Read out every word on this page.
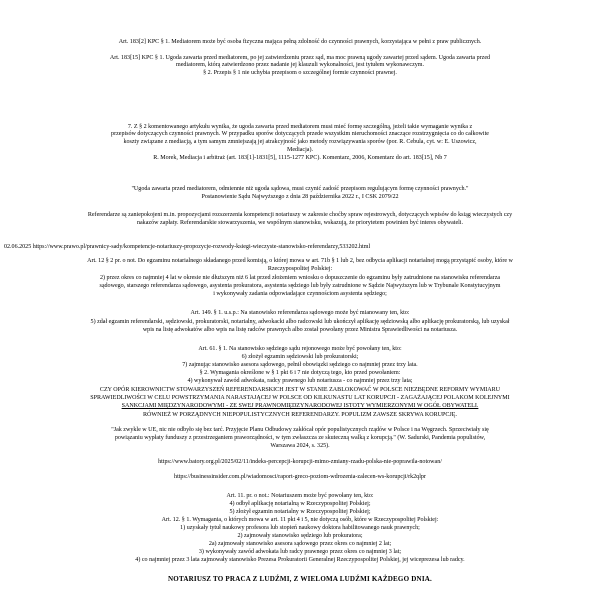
Art. 183[2] KPC § 1. Mediatorem może być osoba fizyczna mająca pełną zdolność do czynności prawnych, korzystająca w pełni z praw publicznych.
Art. 183[15] KPC § 1. Ugoda zawarta przed mediatorem, po jej zatwierdzeniu przez sąd, ma moc prawną ugody zawartej przed sądem. Ugoda zawarta przed
mediatorem, którą zatwierdzono przez nadanie jej klauzuli wykonalności, jest tytułem wykonawczym.
§ 2. Przepis § 1 nie uchybia przepisom o szczególnej formie czynności prawnej.
7. Z § 2 komentowanego artykułu wynika, że ugoda zawarta przed mediatorem musi mieć formę szczególną, jeżeli takie wymaganie wynika z
przepisów dotyczących czynności prawnych. W przypadku sporów dotyczących przede wszystkim nieruchomości znaczące rozstrzygnięcia co do całkowite
koszty związane z mediacją, a tym samym zmniejszają jej atrakcyjność jako metody rozwiązywania sporów (por. R. Cebula, cyt. w: E. Uszowicz,
Mediacja).
R. Morek, Mediacja i arbitraż (art. 183[1]-1831[5], 1115-1277 KPC). Komentarz, 2006, Komentarz do art. 183[15], Nb 7
"Ugoda zawarta przed mediatorem, odmiennie niż ugoda sądowa, musi czynić zadość przepisom regulującym formę czynności prawnych."
Postanowienie Sądu Najwyższego z dnia 28 października 2022 r., I CSK 2079/22
Referendarze są zaniepokojeni m.in. propozycjami rozszerzenia kompetencji notariuszy w zakresie choćby spraw rejestrowych, dotyczących wpisów do ksiąg wieczystych czy
nakazów zapłaty. Referendarskie stowarzyszenia, we wspólnym stanowisku, wskazują, że priorytetem powinien być interes obywateli.
02.06.2025 https://www.prawo.pl/prawnicy-sady/kompetencje-notariuszy-propozycje-rozwody-ksiegi-wieczyste-stanowisko-referendarzy,533202.html
Art. 12 § 2 pr. o not. Do egzaminu notarialnego składanego przed komisją, o której mowa w art. 71b § 1 lub 2, bez odbycia aplikacji notarialnej mogą przystąpić osoby, które w
Rzeczypospolitej Polskiej:
2) przez okres co najmniej 4 lat w okresie nie dłuższym niż 6 lat przed złożeniem wniosku o dopuszczenie do egzaminu były zatrudnione na stanowisku referendarza
sądowego, starszego referendarza sądowego, asystenta prokuratora, asystenta sędziego lub były zatrudnione w Sądzie Najwyższym lub w Trybunale Konstytucyjnym
i wykonywały zadania odpowiadające czynnościom asystenta sędziego;
Art. 149. § 1. u.s.p.: Na stanowisko referendarza sądowego może być mianowany ten, kto:
5) zdał egzamin referendarski, sędziowski, prokuratorski, notarialny, adwokacki albo radcowski lub ukończył aplikację sędziowską albo aplikację prokuratorską, lub uzyskał
wpis na listę adwokatów albo wpis na listę radców prawnych albo został powołany przez Ministra Sprawiedliwości na notariusza.
Art. 61. § 1. Na stanowisko sędziego sądu rejonowego może być powołany ten, kto:
6) złożył egzamin sędziowski lub prokuratorski;
7) zajmując stanowisko asesora sądowego, pełnił obowiązki sędziego co najmniej przez trzy lata.
§ 2. Wymagania określone w § 1 pkt 6 i 7 nie dotyczą tego, kto przed powołaniem:
4) wykonywał zawód adwokata, radcy prawnego lub notariusza - co najmniej przez trzy lata;
CZY OPÓR KIEROWNICTW STOWARZYSZEŃ REFERENDARSKICH JEST W STANIE ZABLOKOWAĆ W POLSCE NIEZBĘDNE REFORMY WYMIARU
SPRAWIEDLIWOŚCI W CELU POWSTRZYMANIA NARASTAJĄCEJ W POLSCE OD KILKUNASTU LAT KORUPCJI - ZAGAŻAJĄCEJ POLAKOM KOLEJNYMI
SANKCJAMI MIĘDZYNARODOWYMI - ZE SWEJ PRAWNOMIĘDZYNARODOWEJ ISTOTY WYMIERZONYMI W OGÓŁ OBYWATELI.
RÓWNIEŻ W PORZĄDNYCH NIEPOPULISTYCZNYCH REFERENDARZY. POPULIZM ZAWSZE SKRYWA KORUPCJĘ.
"Jak zwykle w UE, nic nie odbyło się bez tarć. Przyjęcie Planu Odbudowy zakłócał opór populistycznych rządów w Polsce i na Węgrzech. Sprzeciwiały się
powiązaniu wypłaty funduszy z przestrzeganiem praworządności, w tym zwłaszcza ze skuteczną walką z korupcją." (W. Sadurski, Pandemia populistów,
Warszawa 2024, s. 325).
https://www.batory.org.pl/2025/02/11/indeks-percepcji-korupcji-mimo-zmiany-rzadu-polska-nie-poprawila-notowan/
https://businessinsider.com.pl/wiadomosci/raport-greco-poziom-wdrozenia-zalecen-ws-korupcji/rk2qlpr
Art. 11. pr. o not.: Notariuszem może być powołany ten, kto:
4) odbył aplikację notarialną w Rzeczypospolitej Polskiej;
5) złożył egzamin notarialny w Rzeczypospolitej Polskiej;
Art. 12. § 1. Wymagania, o których mowa w art. 11 pkt 4 i 5, nie dotyczą osób, które w Rzeczypospolitej Polskiej:
1) uzyskały tytuł naukowy profesora lub stopień naukowy doktora habilitowanego nauk prawnych;
2) zajmowały stanowisko sędziego lub prokuratora;
2a) zajmowały stanowisko asesora sądowego przez okres co najmniej 2 lat;
3) wykonywały zawód adwokata lub radcy prawnego przez okres co najmniej 3 lat;
4) co najmniej przez 3 lata zajmowały stanowisko Prezesa Prokuratorii Generalnej Rzeczypospolitej Polskiej, jej wiceprezesa lub radcy.
NOTARIUSZ TO PRACA Z LUDŹMI, Z WIELOMA LUDŹMI KAŻDEGO DNIA.
